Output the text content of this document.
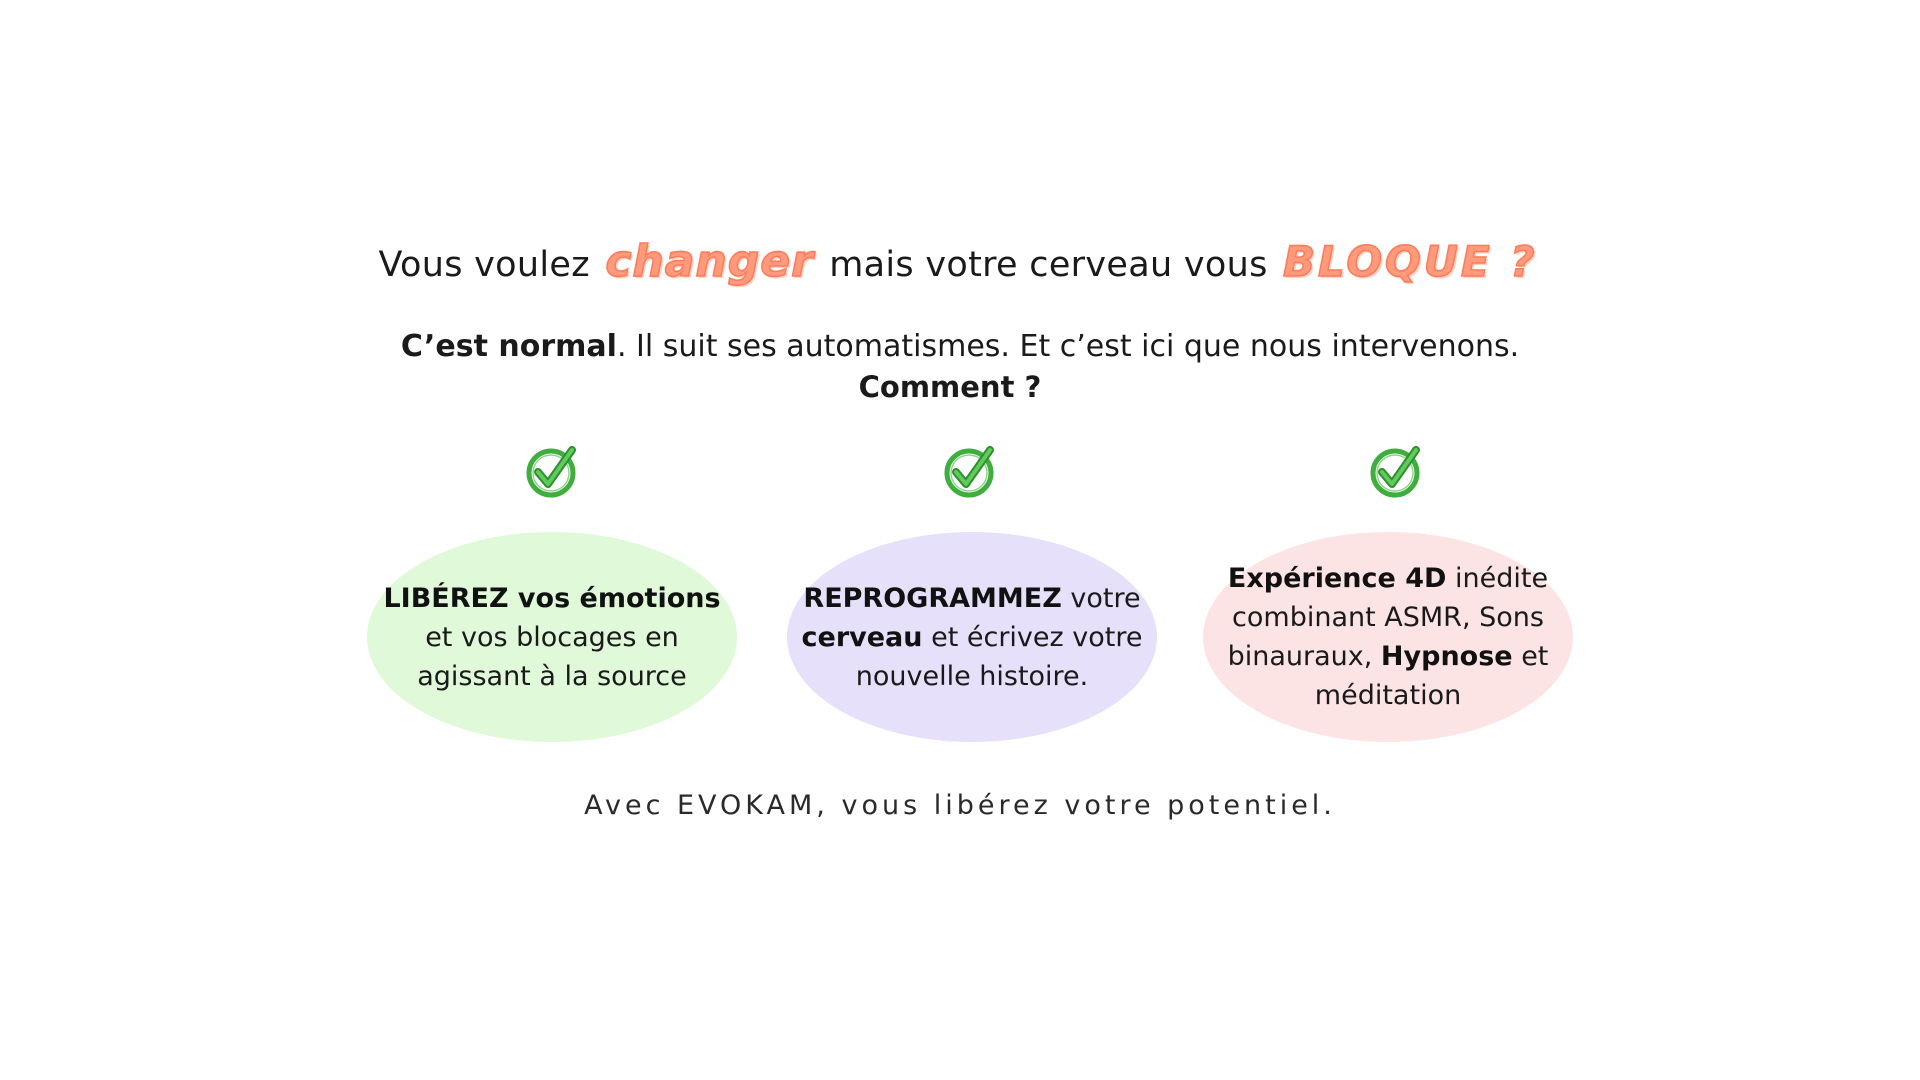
Vous voulez changer mais votre cerveau vous BLOQUE ?
C’est normal. Il suit ses automatismes. Et c’est ici que nous intervenons.
Comment ?
LIBÉREZ vos émotions
et vos blocages en
agissant à la source
REPROGRAMMEZ votre
cerveau et écrivez votre
nouvelle histoire.
Expérience 4D inédite
combinant ASMR, Sons
binauraux, Hypnose et
méditation
Avec EVOKAM, vous libérez votre potentiel.
